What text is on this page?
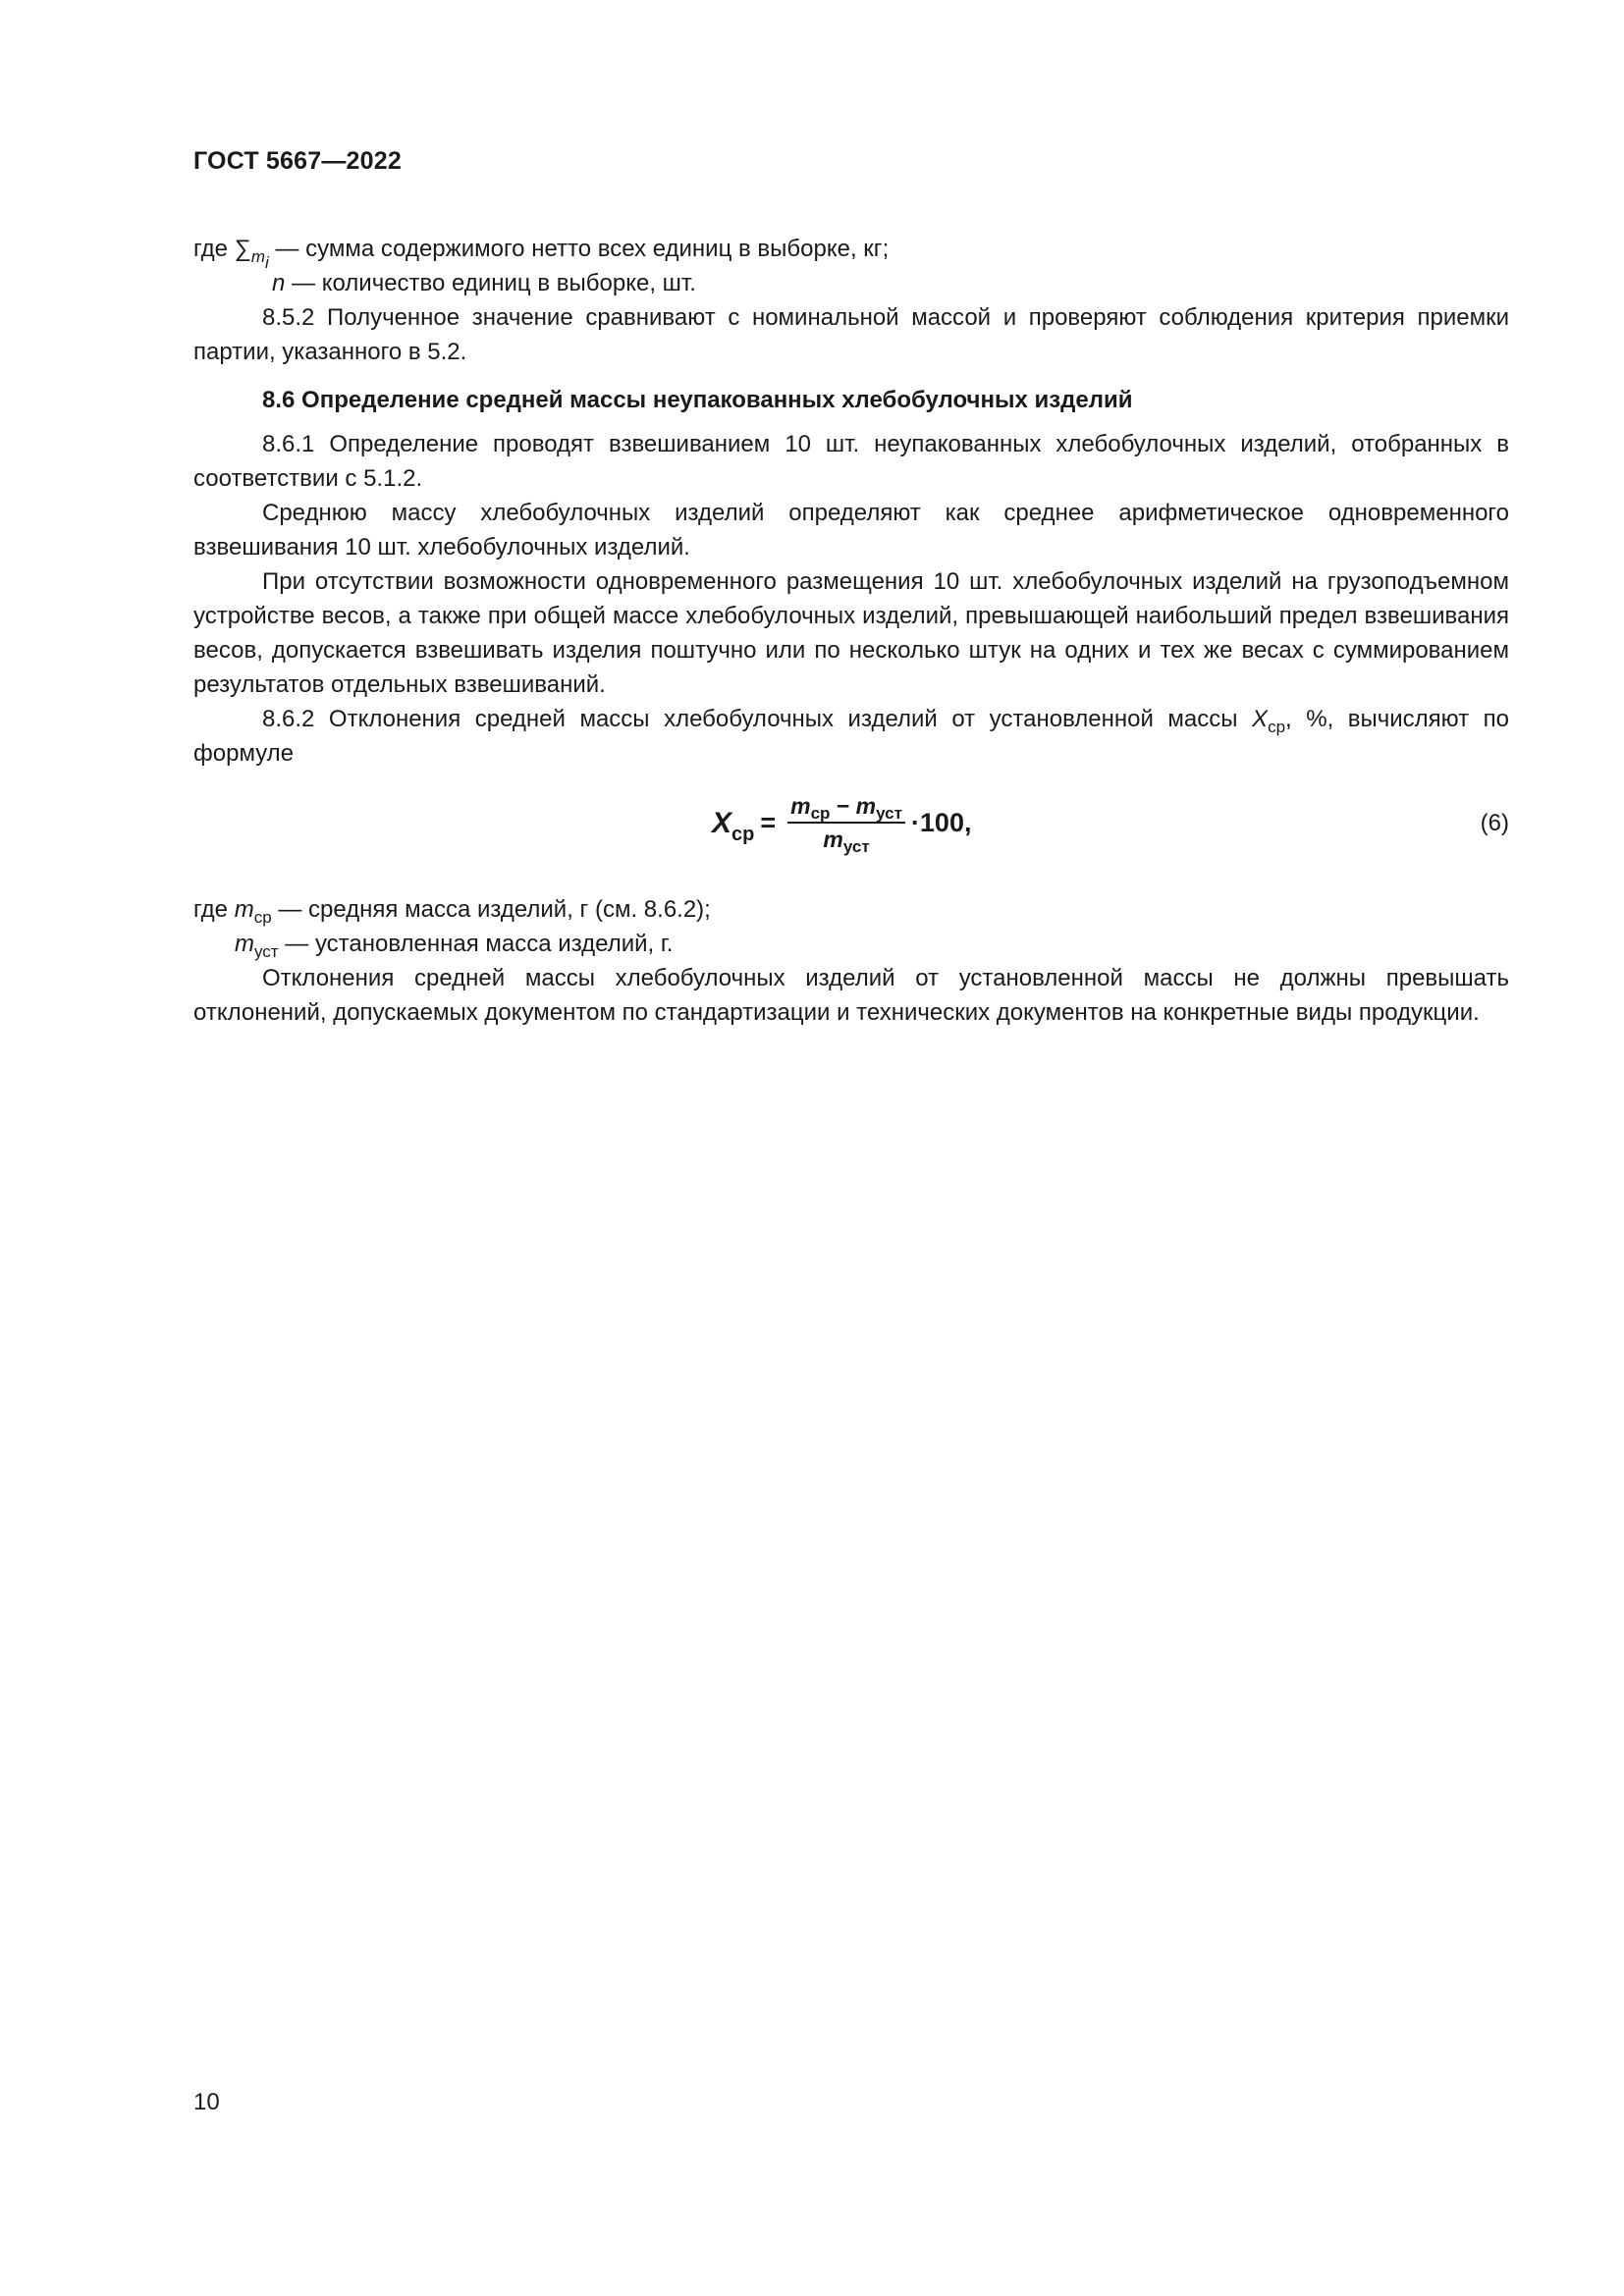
ГОСТ 5667—2022

где $\sum_{m_i}$ — сумма содержимого нетто всех единиц в выборке, кг;

n — количество единиц в выборке, шт.

8.5.2 Полученное значение сравнивают с номинальной массой и проверяют соблюдения критерия приемки партии, указанного в 5.2.

8.6 Определение средней массы неупакованных хлебобулочных изделий

8.6.1 Определение проводят взвешиванием 10 шт. неупакованных хлебобулочных изделий, отобранных в соответствии с 5.1.2.

Среднюю массу хлебобулочных изделий определяют как среднее арифметическое одновременного взвешивания 10 шт. хлебобулочных изделий.

При отсутствии возможности одновременного размещения 10 шт. хлебобулочных изделий на грузоподъемном устройстве весов, а также при общей массе хлебобулочных изделий, превышающей наибольший предел взвешивания весов, допускается взвешивать изделия поштучно или по несколько штук на одних и тех же весах с суммированием результатов отдельных взвешиваний.

8.6.2 Отклонения средней массы хлебобулочных изделий от установленной массы $X_{ср}$, %, вычисляют по формуле

$X_{ср} = \frac{m_{ср} - m_{уст}}{m_{уст}} \cdot 100$,	(6)

где $m_{ср}$ — средняя масса изделий, г (см. 8.6.2);

$m_{уст}$ — установленная масса изделий, г.

Отклонения средней массы хлебобулочных изделий от установленной массы не должны превышать отклонений, допускаемых документом по стандартизации и технических документов на конкретные виды продукции.

10
